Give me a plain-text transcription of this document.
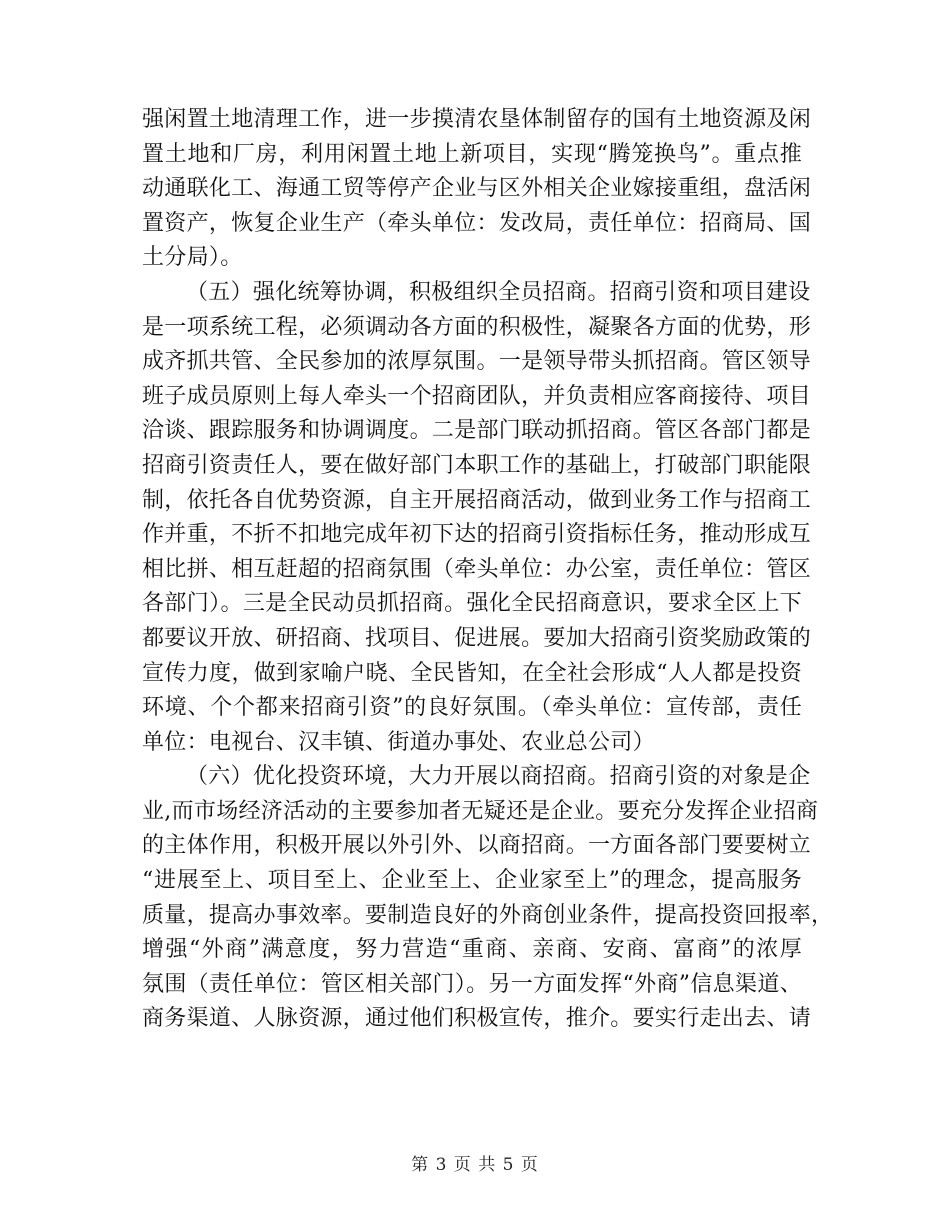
强闲置土地清理工作，进一步摸清农垦体制留存的国有土地资源及闲
置土地和厂房，利用闲置土地上新项目，实现“腾笼换鸟”。重点推
动通联化工、海通工贸等停产企业与区外相关企业嫁接重组，盘活闲
置资产，恢复企业生产（牵头单位：发改局，责任单位：招商局、国
土分局）。
（五）强化统筹协调，积极组织全员招商。招商引资和项目建设
是一项系统工程，必须调动各方面的积极性，凝聚各方面的优势，形
成齐抓共管、全民参加的浓厚氛围。一是领导带头抓招商。管区领导
班子成员原则上每人牵头一个招商团队，并负责相应客商接待、项目
洽谈、跟踪服务和协调调度。二是部门联动抓招商。管区各部门都是
招商引资责任人，要在做好部门本职工作的基础上，打破部门职能限
制，依托各自优势资源，自主开展招商活动，做到业务工作与招商工
作并重，不折不扣地完成年初下达的招商引资指标任务，推动形成互
相比拼、相互赶超的招商氛围（牵头单位：办公室，责任单位：管区
各部门）。三是全民动员抓招商。强化全民招商意识，要求全区上下
都要议开放、研招商、找项目、促进展。要加大招商引资奖励政策的
宣传力度，做到家喻户晓、全民皆知，在全社会形成“人人都是投资
环境、个个都来招商引资”的良好氛围。（牵头单位：宣传部，责任
单位：电视台、汉丰镇、街道办事处、农业总公司）
（六）优化投资环境，大力开展以商招商。招商引资的对象是企
业,而市场经济活动的主要参加者无疑还是企业。要充分发挥企业招商
的主体作用，积极开展以外引外、以商招商。一方面各部门要要树立
“进展至上、项目至上、企业至上、企业家至上”的理念，提高服务
质量，提高办事效率。要制造良好的外商创业条件，提高投资回报率，
增强“外商”满意度，努力营造“重商、亲商、安商、富商”的浓厚
氛围（责任单位：管区相关部门）。另一方面发挥“外商”信息渠道、
商务渠道、人脉资源，通过他们积极宣传，推介。要实行走出去、请
第 3 页 共 5 页
